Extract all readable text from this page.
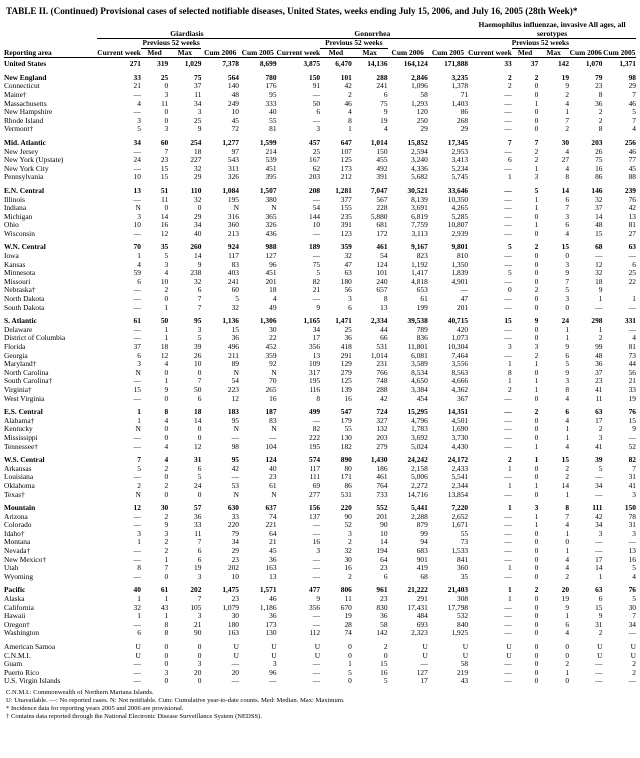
TABLE II. (Continued) Provisional cases of selected notifiable diseases, United States, weeks ending July 15, 2006, and July 16, 2005 (28th Week)*
	Giardiasis					Gonorrhea					Haemophilus influenzae, invasive All ages, all serotypes				
		Previous 52 weeks					Previous 52 weeks					Previous 52 weeks			
Reporting area	Current week	Med	Max	Cum 2006	Cum 2005	Current week	Med	Max	Cum 2006	Cum 2005	Current week	Med	Max	Cum 2006	Cum 2005

United States	271	319	1,029	7,378	8,699	3,875	6,470	14,136	164,124	171,888	33	37	142	1,070	1,371

New England	33	25	75	564	780	150	101	288	2,846	3,235	2	2	19	79	98
Connecticut	21	0	37	140	176	91	42	241	1,096	1,378	2	0	9	23	29
Maine†	—	3	11	48	95	—	2	6	58	71	—	0	2	8	7
Massachusetts	4	11	34	249	333	50	46	75	1,293	1,403	—	1	4	36	46
New Hampshire	—	0	3	10	40	6	4	9	120	86	—	0	1	2	5
Rhode Island	3	0	25	45	55	—	8	19	250	268	—	0	7	2	7
Vermont†	5	3	9	72	81	3	1	4	29	29	—	0	2	8	4

Mid. Atlantic	34	60	254	1,277	1,599	457	647	1,014	15,852	17,345	7	7	30	203	256
New Jersey	—	7	18	97	214	25	107	150	2,594	2,953	—	2	4	26	46
New York (Upstate)	24	23	227	543	539	167	125	455	3,240	3,413	6	2	27	75	77
New York City	—	15	32	311	451	62	173	492	4,336	5,234	—	1	4	16	45
Pennsylvania	10	15	29	326	395	203	212	391	5,682	5,745	1	3	8	86	88

E.N. Central	13	51	110	1,084	1,507	208	1,281	7,047	30,521	33,646	—	5	14	146	239
Illinois	—	11	32	195	380	—	377	567	8,139	10,350	—	1	6	32	76
Indiana	N	0	0	N	N	54	155	228	3,691	4,265	—	1	7	37	42
Michigan	3	14	29	316	365	144	235	5,880	6,819	5,285	—	0	3	14	13
Ohio	10	16	34	360	326	10	391	681	7,759	10,807	—	1	6	48	81
Wisconsin	—	12	40	213	436	—	123	172	3,113	2,939	—	0	4	15	27

W.N. Central	70	35	260	924	988	189	359	461	9,167	9,801	5	2	15	68	63
Iowa	1	5	14	117	127	—	32	54	823	810	—	0	0	—	—
Kansas	4	3	9	83	96	75	47	124	1,192	1,350	—	0	3	12	6
Minnesota	59	4	238	403	451	5	63	101	1,417	1,839	5	0	9	32	25
Missouri	6	10	32	241	201	82	180	240	4,818	4,901	—	0	7	18	22
Nebraska†	—	2	6	60	18	21	56	657	653	—	0	2	5	9	
North Dakota	—	0	7	5	4	—	3	8	61	47	—	0	3	1	1
South Dakota	—	1	7	32	49	9	6	13	199	201	—	0	0	—	—

S. Atlantic	61	50	95	1,136	1,306	1,165	1,471	2,334	39,538	40,715	15	9	24	298	331
Delaware	—	1	3	15	30	34	25	44	789	420	—	0	1	1	—
District of Columbia	—	1	5	36	22	17	36	66	836	1,073	—	0	1	2	4
Florida	37	18	39	496	452	356	418	531	11,801	10,304	3	3	9	99	81
Georgia	6	12	26	211	359	13	291	1,014	6,081	7,464	—	2	6	48	73
Maryland†	3	4	10	89	92	109	129	231	3,589	3,556	1	1	5	36	44
North Carolina	N	0	0	N	N	317	279	766	8,534	8,563	8	0	9	37	56
South Carolina†	—	1	7	54	70	195	125	748	4,650	4,666	1	1	3	23	21
Virginia†	15	9	50	223	265	116	139	288	3,384	4,362	2	1	8	41	33
West Virginia	—	0	6	12	16	8	16	42	454	367	—	0	4	11	19

E.S. Central	1	8	18	183	187	499	547	724	15,295	14,351	—	2	6	63	76
Alabama†	1	4	14	95	83	—	179	327	4,796	4,501	—	0	4	17	15
Kentucky	N	0	0	N	N	82	55	132	1,783	1,690	—	0	1	2	9
Mississippi	—	0	0	—	—	222	130	203	3,692	3,730	—	0	1	3	—
Tennessee†	—	4	12	98	104	195	182	279	5,024	4,430	—	1	4	41	52

W.S. Central	7	4	31	95	124	574	890	1,430	24,242	24,172	2	1	15	39	82
Arkansas	5	2	6	42	40	117	80	186	2,158	2,433	1	0	2	5	7
Louisiana	—	0	5	—	23	111	171	461	5,006	5,541	—	0	2	—	31
Oklahoma	2	2	24	53	61	69	86	764	2,272	2,344	1	1	14	34	41
Texas†	N	0	0	N	N	277	531	733	14,716	13,854	—	0	1	—	3

Mountain	12	30	57	630	637	156	220	552	5,441	7,220	1	3	8	111	150
Arizona	—	2	36	33	74	137	90	201	2,288	2,652	—	1	7	42	78
Colorado	—	9	33	220	221	—	52	90	879	1,671	—	1	4	34	31
Idaho†	3	3	11	79	64	—	3	10	99	55	—	0	1	3	3
Montana	1	2	7	34	21	16	2	14	94	73	—	0	0	—	—
Nevada†	—	2	6	29	45	3	32	194	683	1,533	—	0	1	—	13
New Mexico†	—	1	6	23	36	—	30	64	901	841	—	0	4	17	16
Utah	8	7	19	202	163	—	16	23	419	360	1	0	4	14	5
Wyoming	—	0	3	10	13	—	2	6	68	35	—	0	2	1	4

Pacific	40	61	202	1,475	1,571	477	806	961	21,222	21,403	1	2	20	63	76
Alaska	1	1	7	23	46	9	11	23	291	308	1	0	19	6	5
California	32	43	105	1,079	1,186	356	670	830	17,431	17,798	—	0	9	15	30
Hawaii	1	1	3	30	36	—	19	36	484	532	—	0	1	9	7
Oregon†	—	8	21	180	173	—	28	58	693	840	—	0	6	31	34
Washington	6	8	90	163	130	112	74	142	2,323	1,925	—	0	4	2	—

American Samoa	U	0	0	U	U	U	0	2	U	U	U	0	0	U	U
C.N.M.I.	U	0	0	U	U	U	0	0	U	U	U	0	0	U	U
Guam	—	0	3	—	3	—	1	15	—	58	—	0	2	—	2
Puerto Rico	—	3	20	20	96	—	5	16	127	219	—	0	1	—	2
U.S. Virgin Islands	—	0	0	—	—	—	0	5	17	43	—	0	0	—	—
C.N.M.I.: Commonwealth of Northern Mariana Islands.
U: Unavailable. —: No reported cases. N: Not notifiable. Cum: Cumulative year-to-date counts. Med: Median. Max: Maximum.
* Incidence data for reporting years 2005 and 2006 are provisional.
† Contains data reported through the National Electronic Disease Surveillance System (NEDSS).
